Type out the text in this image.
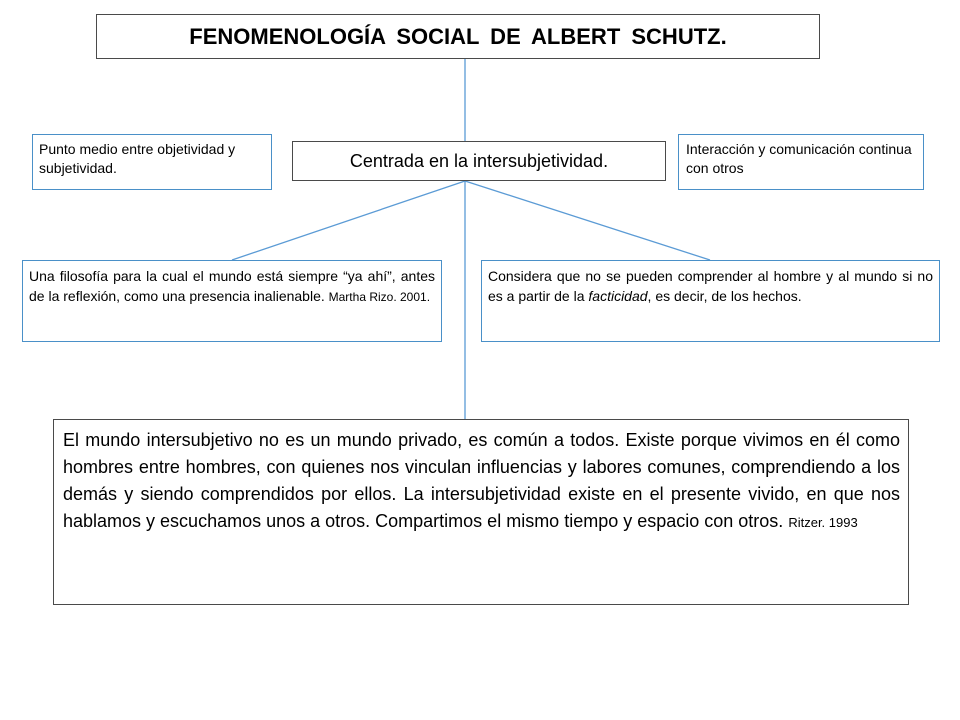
FENOMENOLOGÍA SOCIAL DE ALBERT SCHUTZ.
Punto medio entre objetividad y subjetividad.	Centrada en la intersubjetividad.
Interacción y comunicación continua con otros
Una filosofía para la cual el mundo está siempre “ya ahí”, antes de la reflexión, como una presencia inalienable. Martha Rizo. 2001.
Considera que no se pueden comprender al hombre y al mundo si no es a partir de la facticidad, es decir, de los hechos.
El mundo intersubjetivo no es un mundo privado, es común a todos. Existe porque vivimos en él como hombres entre hombres, con quienes nos vinculan influencias y labores comunes, comprendiendo a los demás y siendo comprendidos por ellos. La intersubjetividad existe en el presente vivido, en que nos hablamos y escuchamos unos a otros. Compartimos el mismo tiempo y espacio con otros. Ritzer. 1993
